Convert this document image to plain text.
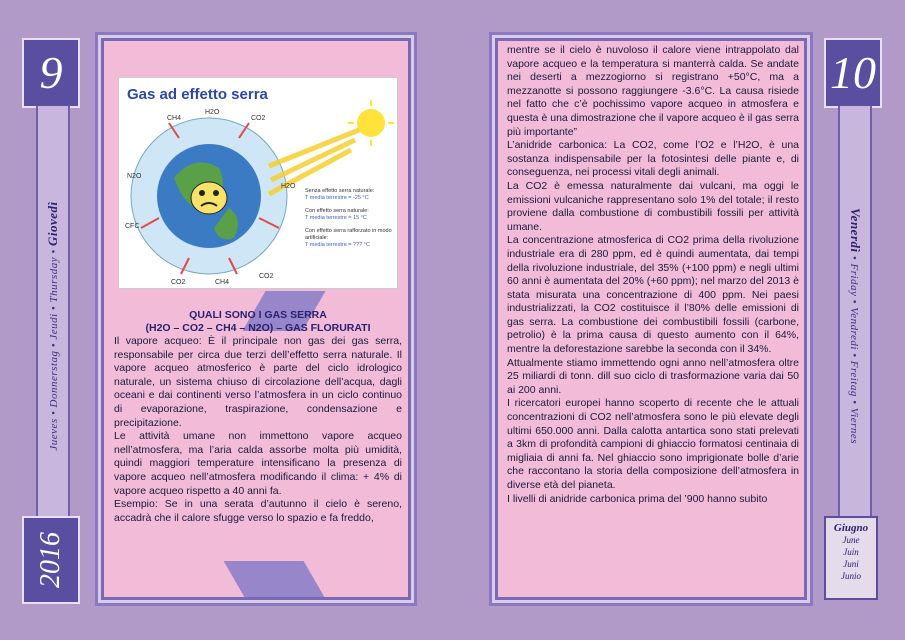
9
Jueves • Donnerstag • Jeudi • Thursday • Giovedì
2016
Gas ad effetto serra
CH4
H2O
CO2
N2O
CFC
H2O
CO2	CH4
CO2
Senza effetto serra naturale:
T media terrestre = -25 °C
Con effetto serra naturale:
T media terrestre = 15 °C
Con effetto serra rafforzato in modo artificiale:
T media terrestre = ??? °C
QUALI SONO I GAS SERRA
(H2O – CO2 – CH4 – N2O) – GAS FLORURATI

Il vapore acqueo: È il principale non gas dei gas serra, responsabile per circa due terzi dell’effetto serra naturale. Il vapore acqueo atmosferico è parte del ciclo idrologico naturale, un sistema chiuso di circolazione dell’acqua, dagli oceani e dai continenti verso l’atmosfera in un ciclo continuo di evaporazione, traspirazione, condensazione e precipitazione.

Le attività umane non immettono vapore acqueo nell’atmosfera, ma l’aria calda assorbe molta più umidità, quindi maggiori temperature intensificano la presenza di vapore acqueo nell’atmosfera modificando il clima: + 4% di vapore acqueo rispetto a 40 anni fa.

Esempio: Se in una serata d’autunno il cielo è sereno, accadrà che il calore sfugge verso lo spazio e fa freddo,

mentre se il cielo è nuvoloso il calore viene intrappolato dal vapore acqueo e la temperatura si manterrà calda. Se andate nei deserti a mezzogiorno si registrano +50°C, ma a mezzanotte si possono raggiungere -3.6°C. La causa risiede nel fatto che c’è pochissimo vapore acqueo in atmosfera e questa è una dimostrazione che il vapore acqueo è il gas serra più importante”

L’anidride carbonica: La CO2, come l’O2 e l’H2O, è una sostanza indispensabile per la fotosintesi delle piante e, di conseguenza, nei processi vitali degli animali.

La CO2 è emessa naturalmente dai vulcani, ma oggi le emissioni vulcaniche rappresentano solo 1% del totale; il resto proviene dalla combustione di combustibili fossili per attività umane.

La concentrazione atmosferica di CO2 prima della rivoluzione industriale era di 280 ppm, ed è quindi aumentata, dai tempi della rivoluzione industriale, del 35% (+100 ppm) e negli ultimi 60 anni è aumentata del 20% (+60 ppm); nel marzo del 2013 è stata misurata una concentrazione di 400 ppm. Nei paesi industrializzati, la CO2 costituisce il l’80% delle emissioni di gas serra. La combustione dei combustibili fossili (carbone, petrolio) è la prima causa di questo aumento con il 64%, mentre la deforestazione sarebbe la seconda con il 34%.

Attualmente stiamo immettendo ogni anno nell’atmosfera oltre 25 miliardi di tonn. dill suo ciclo di trasformazione varia dai 50 ai 200 anni.

I ricercatori europei hanno scoperto di recente che le attuali concentrazioni di CO2 nell’atmosfera sono le più elevate degli ultimi 650.000 anni. Dalla calotta antartica sono stati prelevati a 3km di profondità campioni di ghiaccio formatosi centinaia di migliaia di anni fa. Nel ghiaccio sono imprigionate bolle d’arie che raccontano la storia della composizione dell’atmosfera in diverse età del pianeta.

I livelli di anidride carbonica prima del ’900 hanno subito

10
Venerdì • Friday • Vendredi • Freitag • Viernes
Giugno
June
Juin
Juni
Junio
